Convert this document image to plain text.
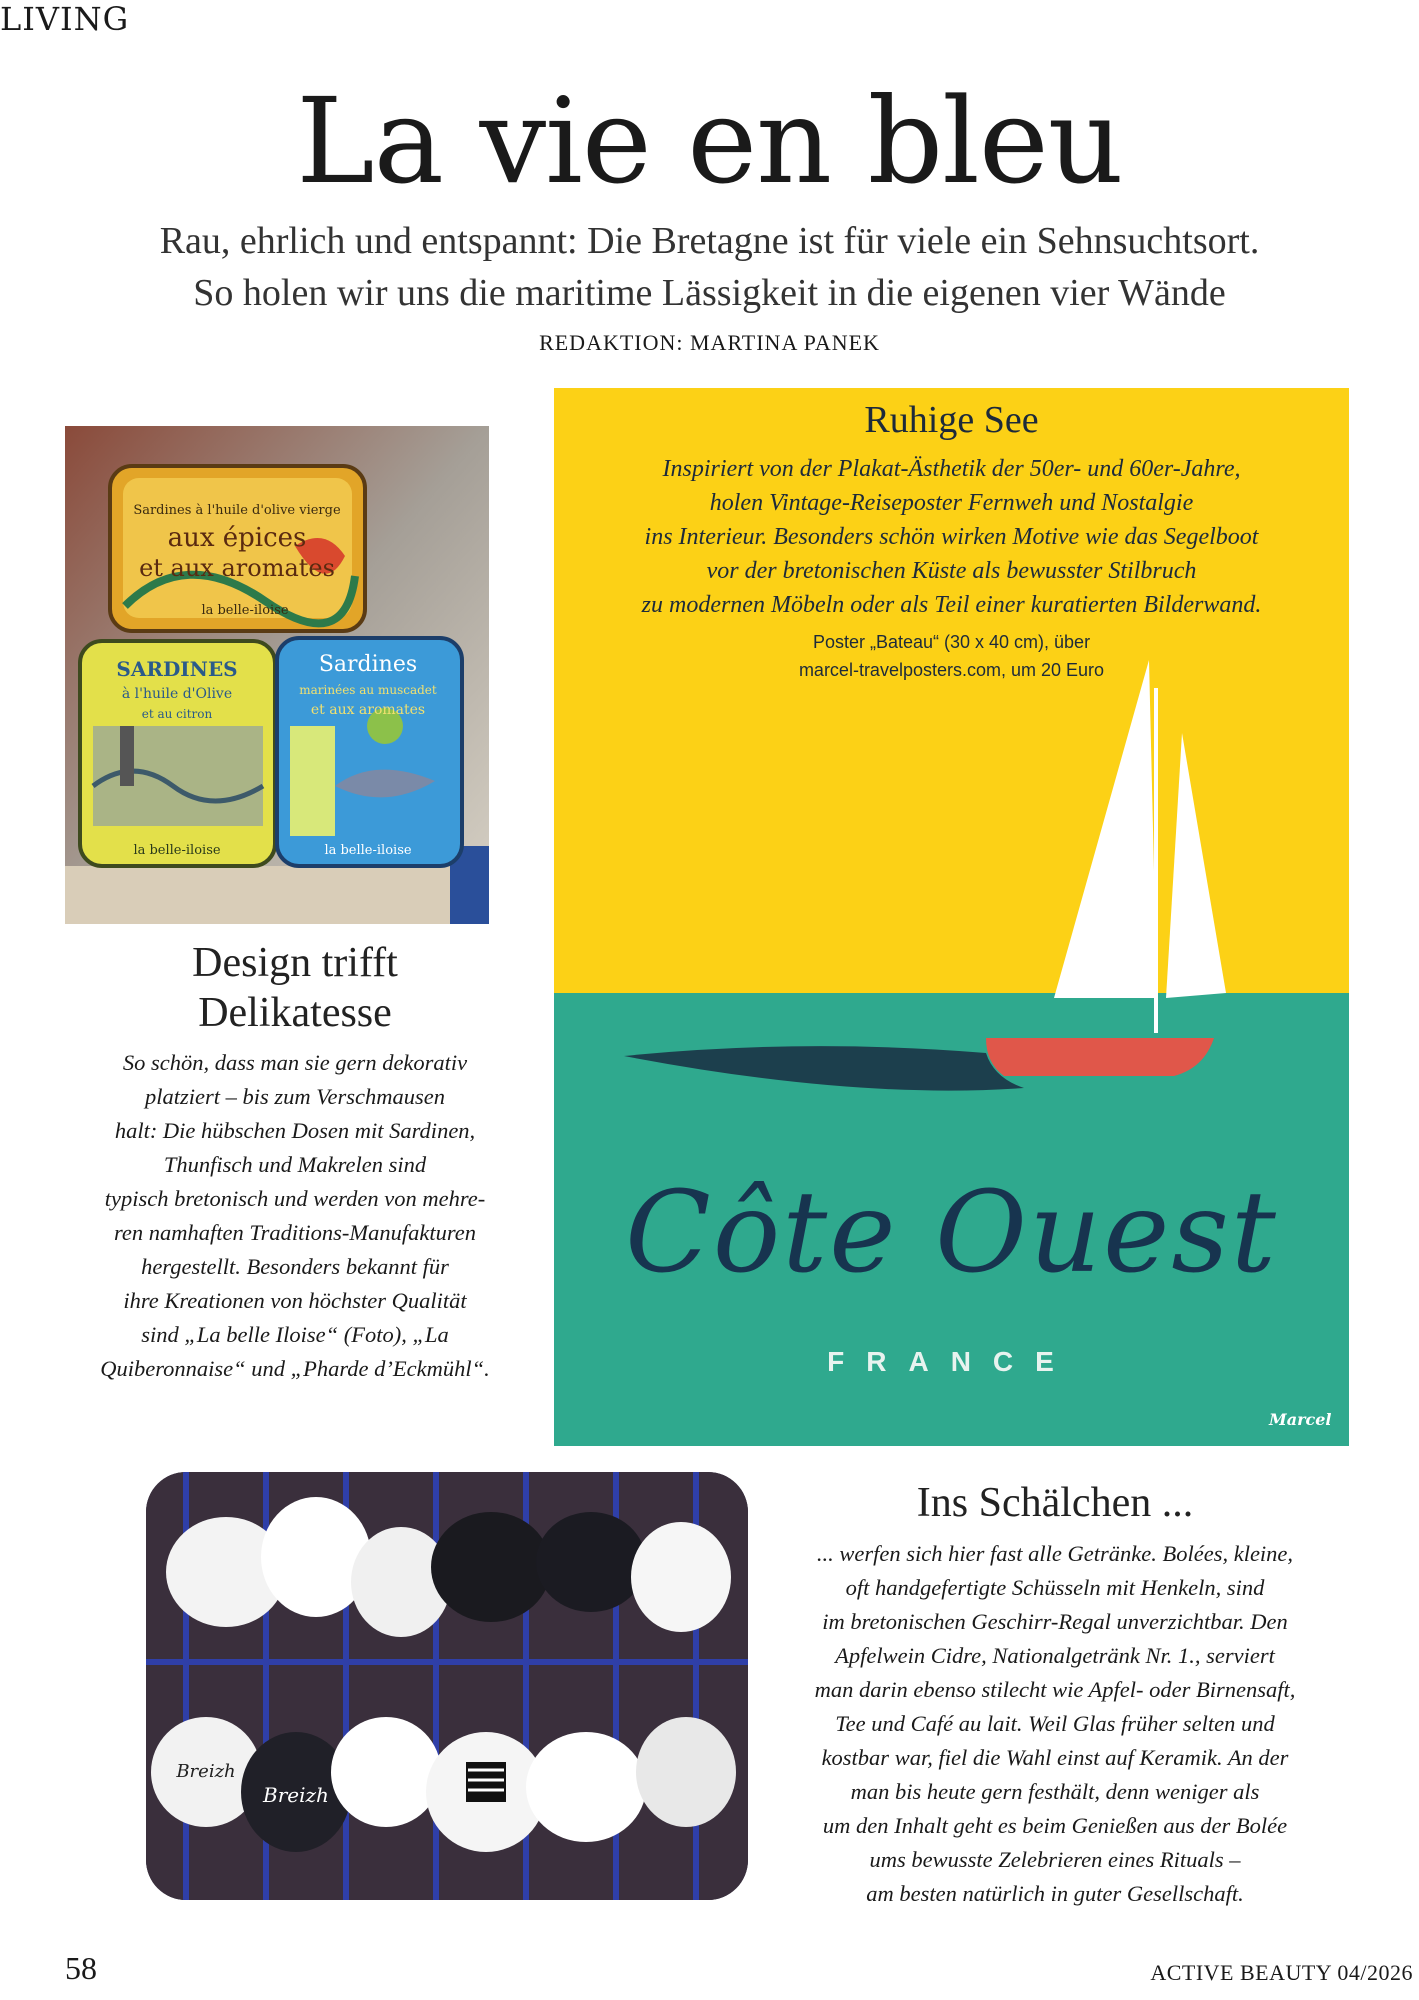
LIVING
La vie en bleu
Rau, ehrlich und entspannt: Die Bretagne ist für viele ein Sehnsuchtsort.
So holen wir uns die maritime Lässigkeit in die eigenen vier Wände
REDAKTION: MARTINA PANEK
Sardines à l'huile d'olive vierge
aux épices
et aux aromates
la belle-iloise
SARDINES
à l'huile d'Olive
et au citron
la belle-iloise
Sardines
marinées au muscadet
et aux aromates
la belle-iloise
Design trifft
Delikatesse
So schön, dass man sie gern dekorativ
platziert – bis zum Verschmausen
halt: Die hübschen Dosen mit Sardinen,
Thunfisch und Makrelen sind
typisch bretonisch und werden von mehre-
ren namhaften Traditions-Manufakturen
hergestellt. Besonders bekannt für
ihre Kreationen von höchster Qualität
sind „La belle Iloise“ (Foto), „La
Quiberonnaise“ und „Pharde d’Eckmühl“.
Ruhige See
Inspiriert von der Plakat-Ästhetik der 50er- und 60er-Jahre,
holen Vintage-Reiseposter Fernweh und Nostalgie
ins Interieur. Besonders schön wirken Motive wie das Segelboot
vor der bretonischen Küste als bewusster Stilbruch
zu modernen Möbeln oder als Teil einer kuratierten Bilderwand.
Poster „Bateau“ (30 x 40 cm), über
marcel-travelposters.com, um 20 Euro
Côte Ouest
FRANCE
Marcel
Breizh
Breizh
Ins Schälchen ...
... werfen sich hier fast alle Getränke. Bolées, kleine,
oft handgefertigte Schüsseln mit Henkeln, sind
im bretonischen Geschirr-Regal unverzichtbar. Den
Apfelwein Cidre, Nationalgetränk Nr. 1., serviert
man darin ebenso stilecht wie Apfel- oder Birnensaft,
Tee und Café au lait. Weil Glas früher selten und
kostbar war, fiel die Wahl einst auf Keramik. An der
man bis heute gern festhält, denn weniger als
um den Inhalt geht es beim Genießen aus der Bolée
ums bewusste Zelebrieren eines Rituals –
am besten natürlich in guter Gesellschaft.
58	ACTIVE BEAUTY 04/2026
